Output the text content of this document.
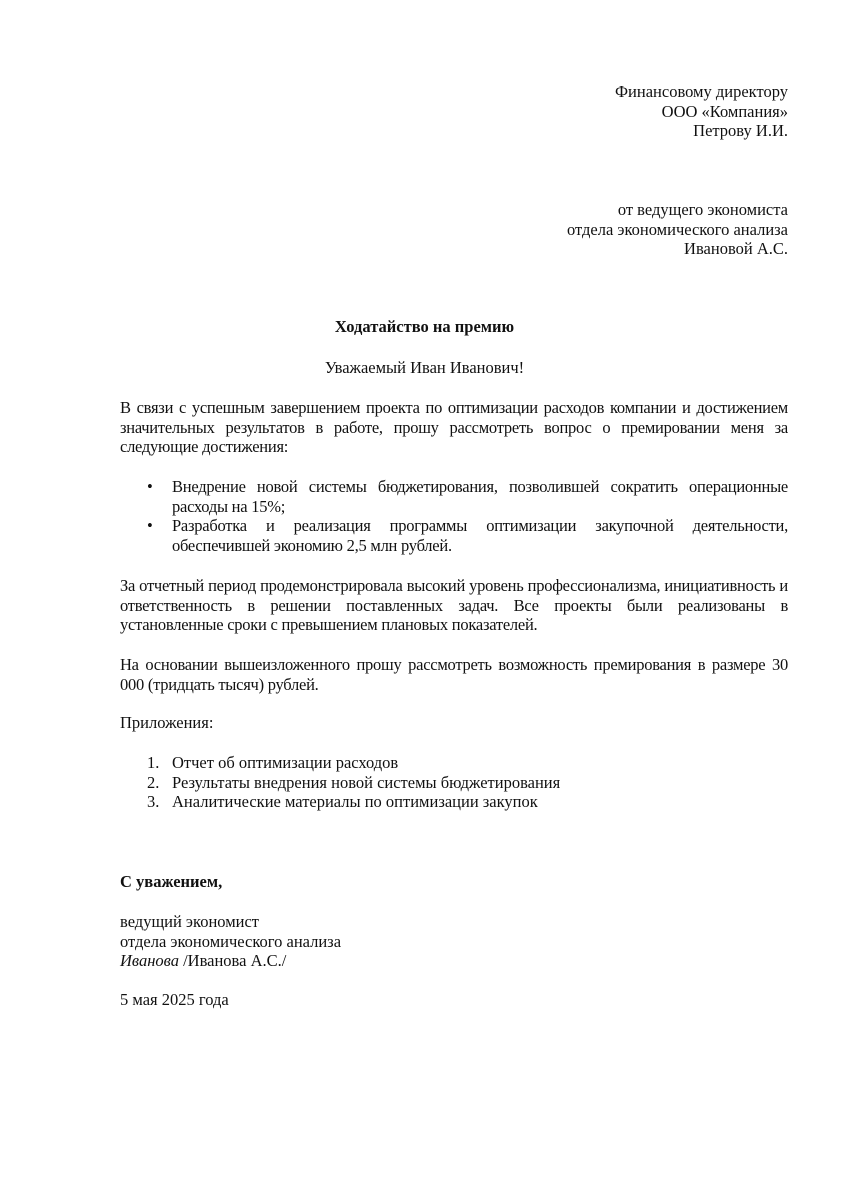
Финансовому директору
ООО «Компания»
Петрову И.И.
от ведущего экономиста
отдела экономического анализа
Ивановой А.С.
Ходатайство на премию
Уважаемый Иван Иванович!
В связи с успешным завершением проекта по оптимизации расходов компании и достижением значительных результатов в работе, прошу рассмотреть вопрос о премировании меня за следующие достижения:
• Внедрение новой системы бюджетирования, позволившей сократить операционные расходы на 15%;
• Разработка и реализация программы оптимизации закупочной деятельности, обеспечившей экономию 2,5 млн рублей.
За отчетный период продемонстрировала высокий уровень профессионализма, инициативность и ответственность в решении поставленных задач. Все проекты были реализованы в установленные сроки с превышением плановых показателей.
На основании вышеизложенного прошу рассмотреть возможность премирования в размере 30 000 (тридцать тысяч) рублей.
Приложения:
1. Отчет об оптимизации расходов
2. Результаты внедрения новой системы бюджетирования
3. Аналитические материалы по оптимизации закупок
С уважением,
ведущий экономист
отдела экономического анализа
Иванова /Иванова А.С./
5 мая 2025 года
